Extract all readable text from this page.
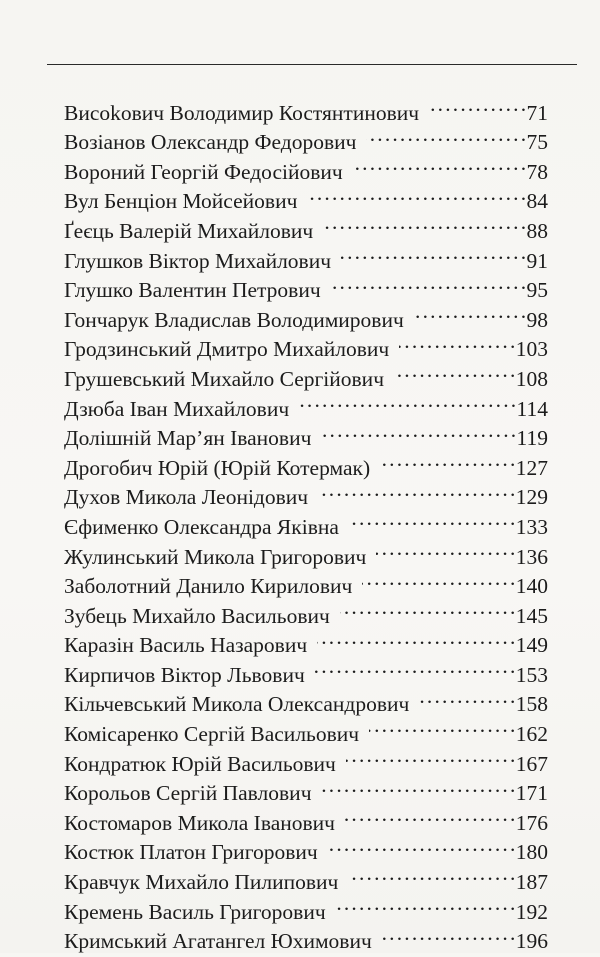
Висоkович Володимир Костянтинович . . .	71
Возіанов Олександр Федорович . . .	75
Вороний Георгій Федосійович . . .	78
Вул Бенціон Мойсейович . . .	84
Ґеєць Валерій Михайлович . . .	88
Глушков Віктор Михайлович . . .	91
Глушко Валентин Петрович . . .	95
Гончарук Владислав Володимирович . . .	98
Гродзинський Дмитро Михайлович . . .	103
Грушевський Михайло Сергійович . . .	108
Дзюба Іван Михайлович . . .	114
Долішній Мар’ян Іванович . . .	119
Дрогобич Юрій (Юрій Котермак) . . .	127
Духов Микола Леонідович . . .	129
Єфименко Олександра Яківна . . .	133
Жулинський Микола Григорович . . .	136
Заболотний Данило Кирилович . . .	140
Зубець Михайло Васильович . . .	145
Каразін Василь Назарович . . .	149
Кирпичов Віктор Львович . . .	153
Кільчевський Микола Олександрович . . .	158
Комісаренко Сергій Васильович . . .	162
Кондратюк Юрій Васильович . . .	167
Корольов Сергій Павлович . . .	171
Костомаров Микола Іванович . . .	176
Костюк Платон Григорович . . .	180
Кравчук Михайло Пилипович . . .	187
Кремень Василь Григорович . . .	192
Кримський Агатангел Юхимович . . .	196
